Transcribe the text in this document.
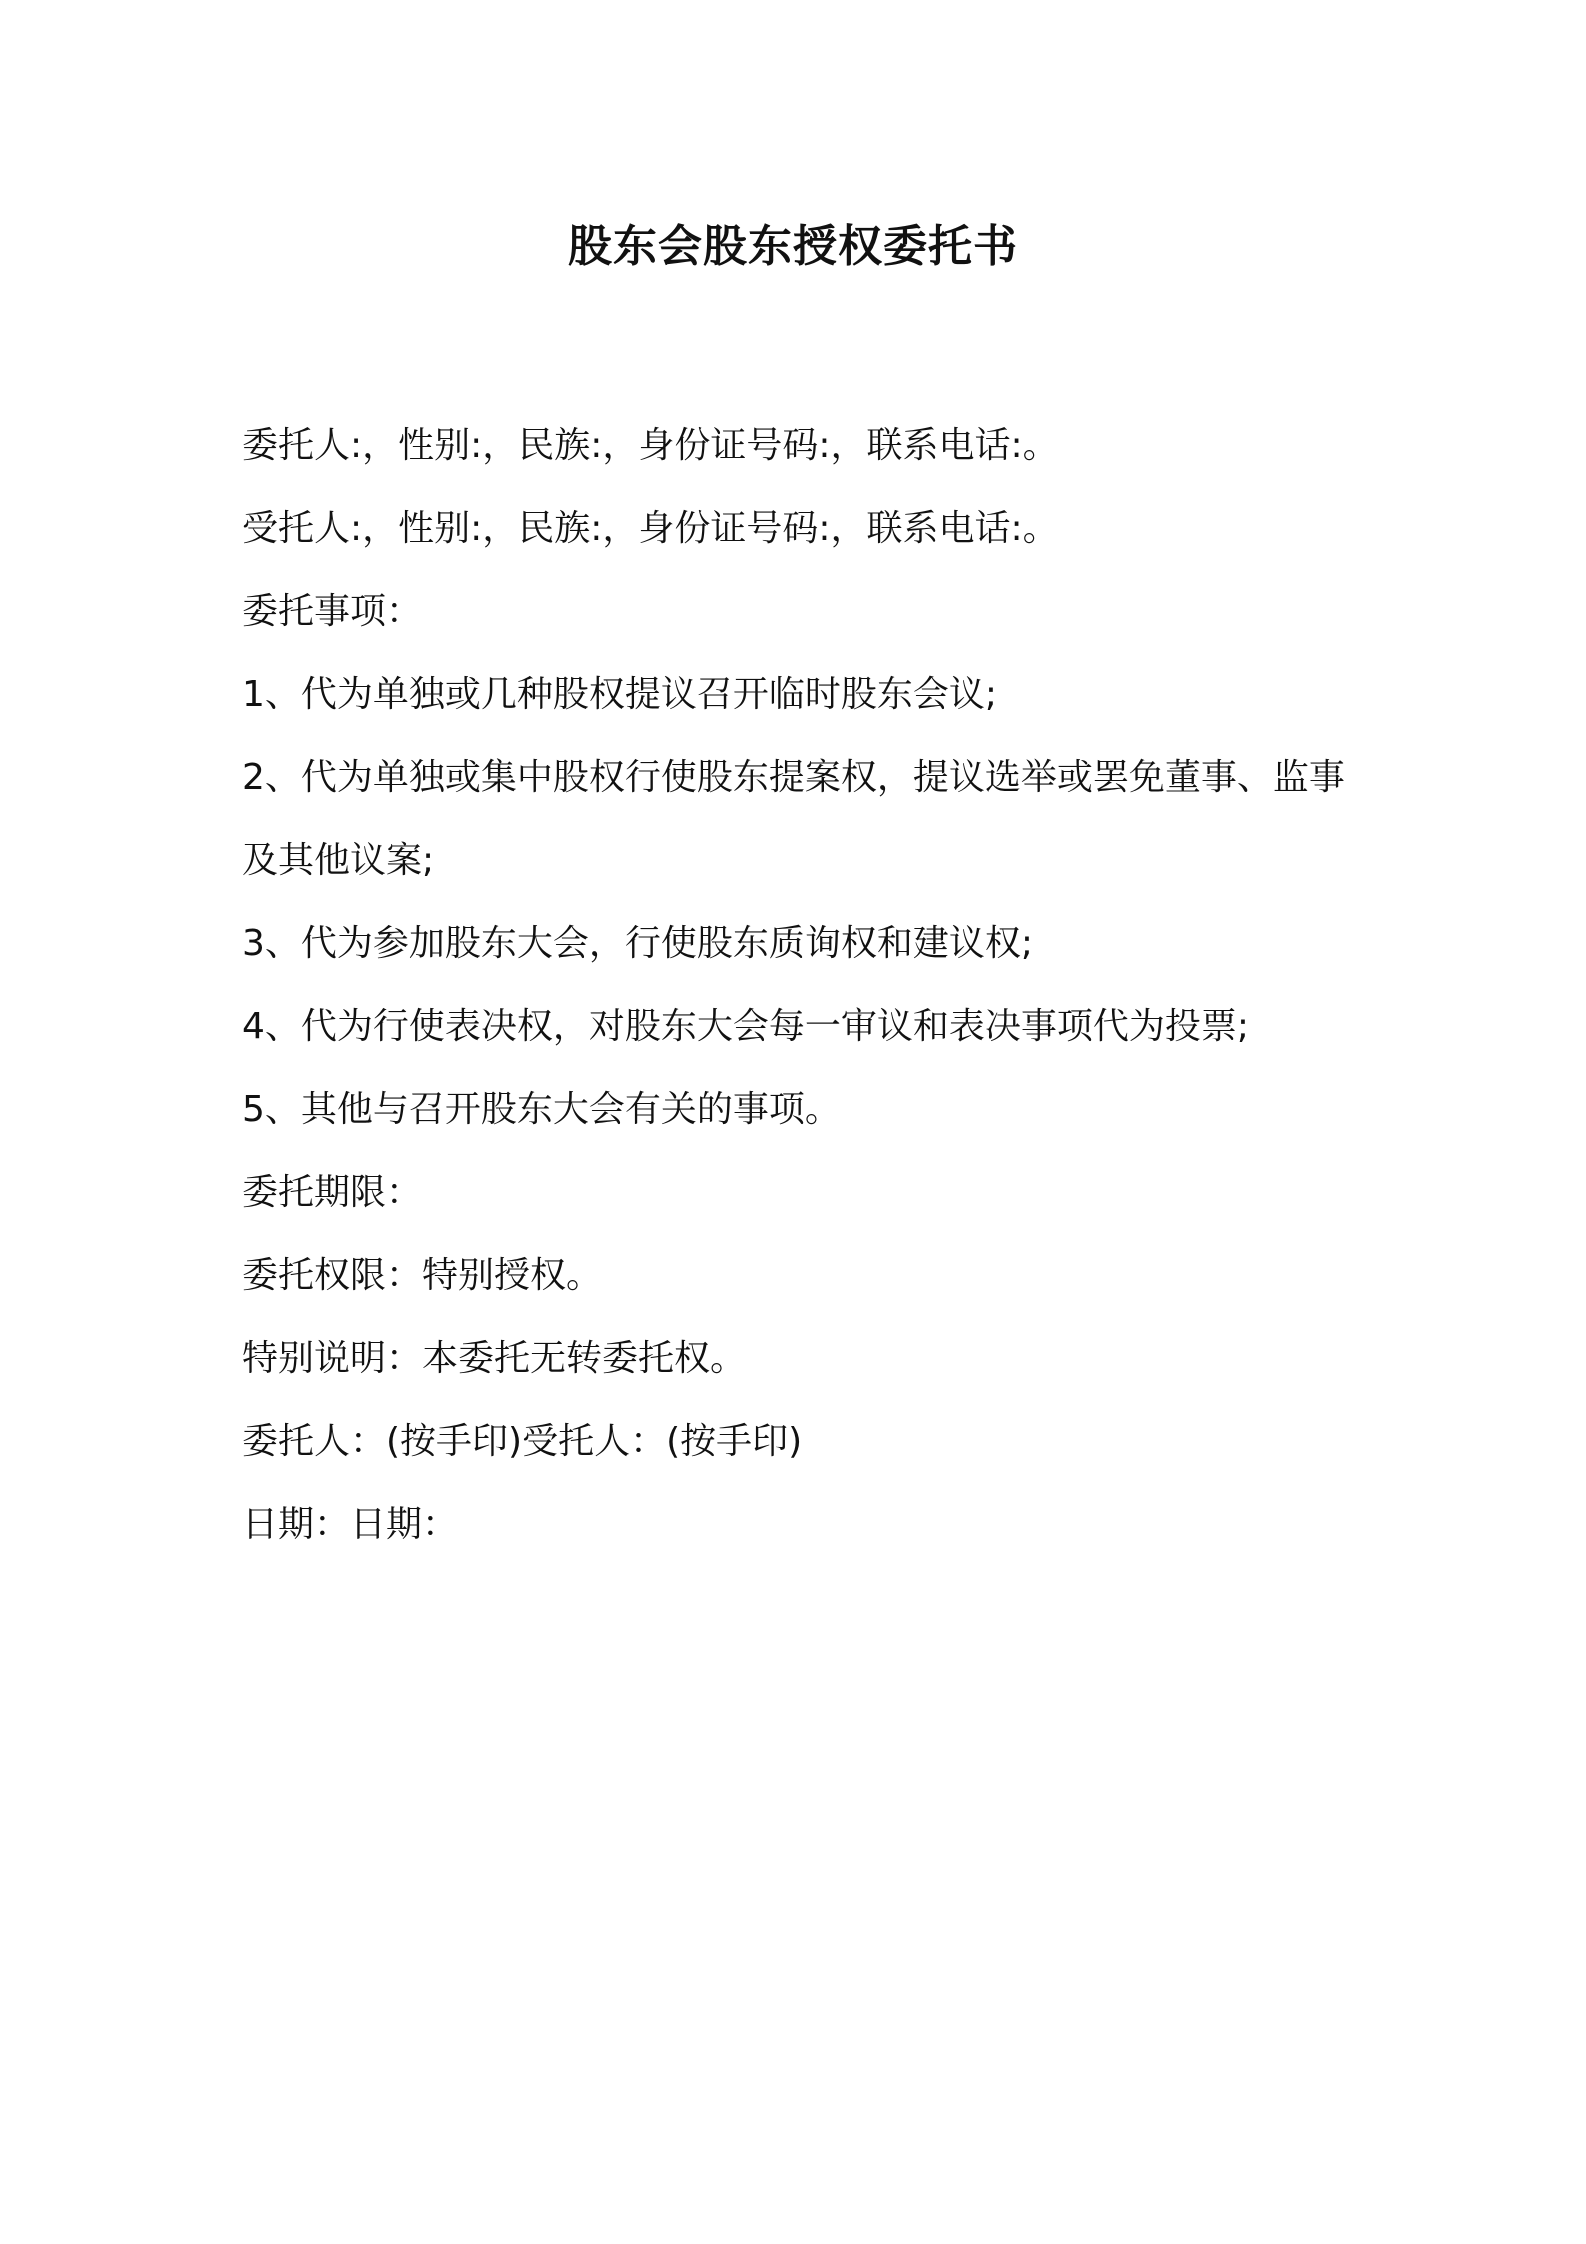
股东会股东授权委托书

委托人:，性别:，民族:，身份证号码:，联系电话:。

受托人:，性别:，民族:，身份证号码:，联系电话:。

委托事项：

1、代为单独或几种股权提议召开临时股东会议;

2、代为单独或集中股权行使股东提案权，提议选举或罢免董事、监事及其他议案;

3、代为参加股东大会，行使股东质询权和建议权;

4、代为行使表决权，对股东大会每一审议和表决事项代为投票;

5、其他与召开股东大会有关的事项。

委托期限：

委托权限：特别授权。

特别说明：本委托无转委托权。

委托人：(按手印)受托人：(按手印)

日期：日期：
